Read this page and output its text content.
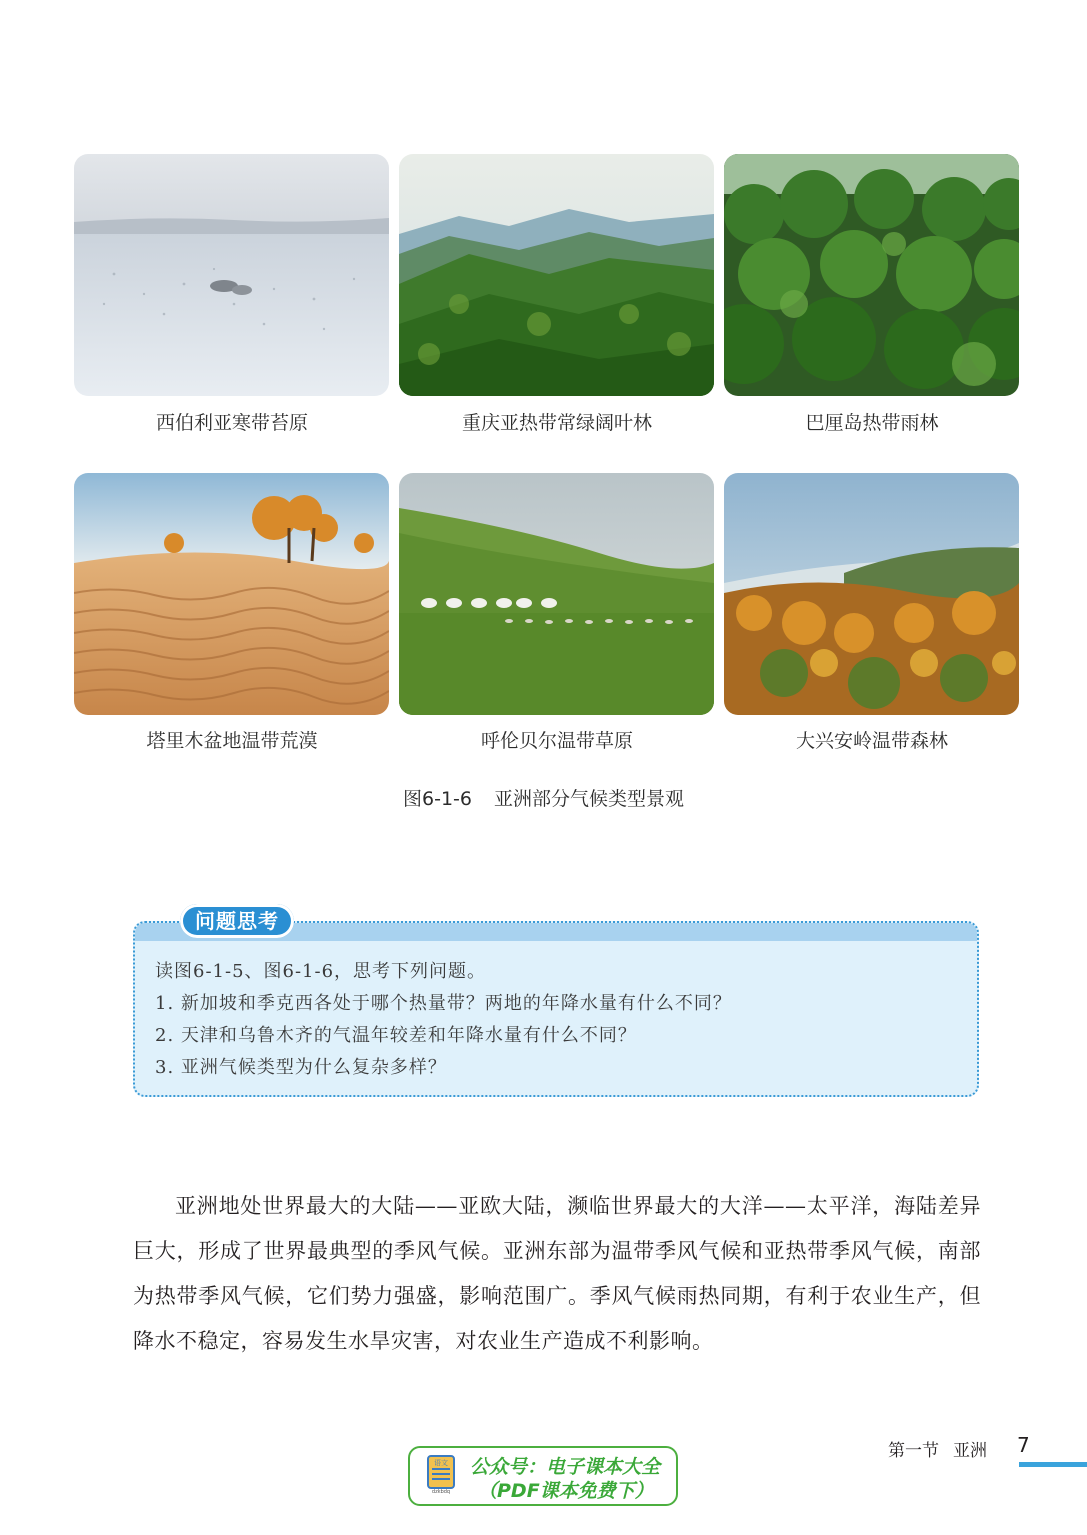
西伯利亚寒带苔原	重庆亚热带常绿阔叶林	巴厘岛热带雨林
塔里木盆地温带荒漠	呼伦贝尔温带草原	大兴安岭温带森林
图6-1-6 亚洲部分气候类型景观
问题思考
读图6-1-5、图6-1-6，思考下列问题。
1. 新加坡和季克西各处于哪个热量带？两地的年降水量有什么不同？
2. 天津和乌鲁木齐的气温年较差和年降水量有什么不同？
3. 亚洲气候类型为什么复杂多样？
亚洲地处世界最大的大陆——亚欧大陆，濒临世界最大的大洋——太平洋，海陆差异巨大，形成了世界最典型的季风气候。亚洲东部为温带季风气候和亚热带季风气候，南部为热带季风气候，它们势力强盛，影响范围广。季风气候雨热同期，有利于农业生产，但降水不稳定，容易发生水旱灾害，对农业生产造成不利影响。
第一节 亚洲 7
语文
dzkbdq
公众号：电子课本大全
（PDF课本免费下）
